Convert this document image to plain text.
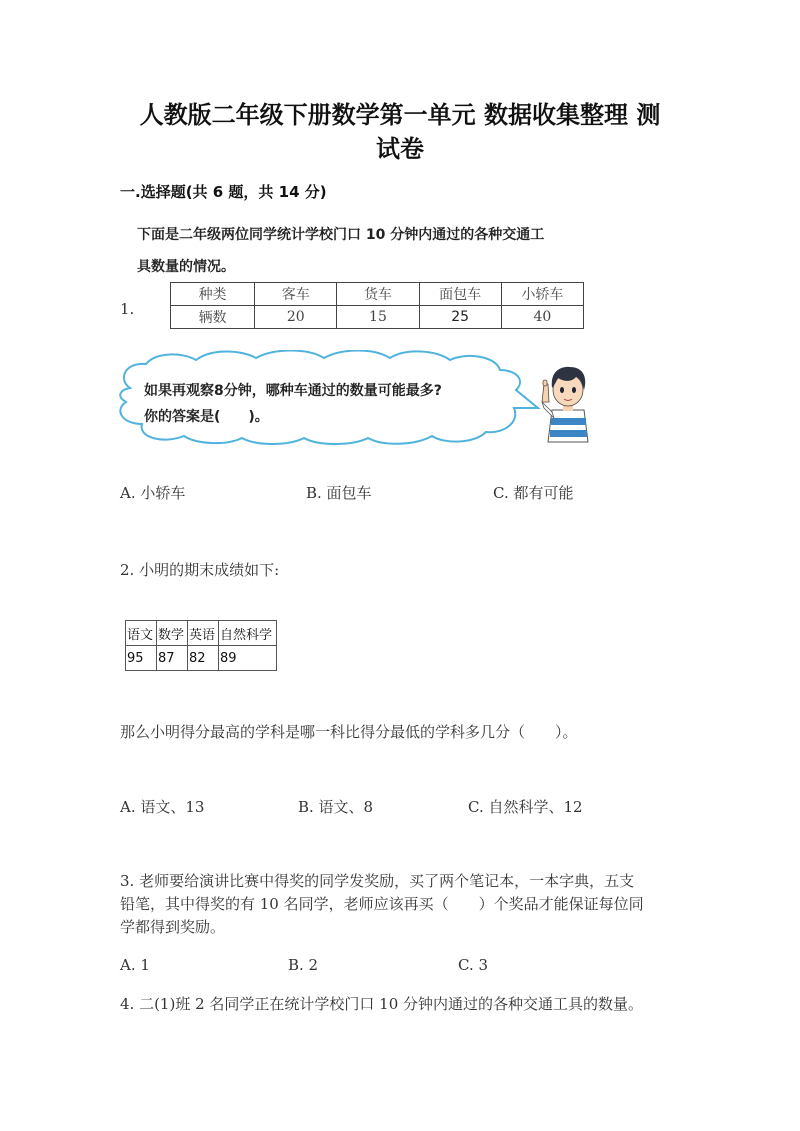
人教版二年级下册数学第一单元 数据收集整理 测
试卷
一.选择题(共 6 题，共 14 分)
下面是二年级两位同学统计学校门口 10 分钟内通过的各种交通工
具数量的情况。
1.
种类	客车	货车	面包车	小轿车
辆数	20	15	25	40
如果再观察8分钟，哪种车通过的数量可能最多?
你的答案是(　　)。
A. 小轿车	B. 面包车	C. 都有可能
2. 小明的期末成绩如下:
语文	数学	英语	自然科学
95	87	82	89
那么小明得分最高的学科是哪一科比得分最低的学科多几分（　　）。
A. 语文、13	B. 语文、8	C. 自然科学、12
3. 老师要给演讲比赛中得奖的同学发奖励，买了两个笔记本，一本字典，五支
铅笔，其中得奖的有 10 名同学，老师应该再买（　　）个奖品才能保证每位同
学都得到奖励。
A. 1	B. 2	C. 3
4. 二(1)班 2 名同学正在统计学校门口 10 分钟内通过的各种交通工具的数量。
